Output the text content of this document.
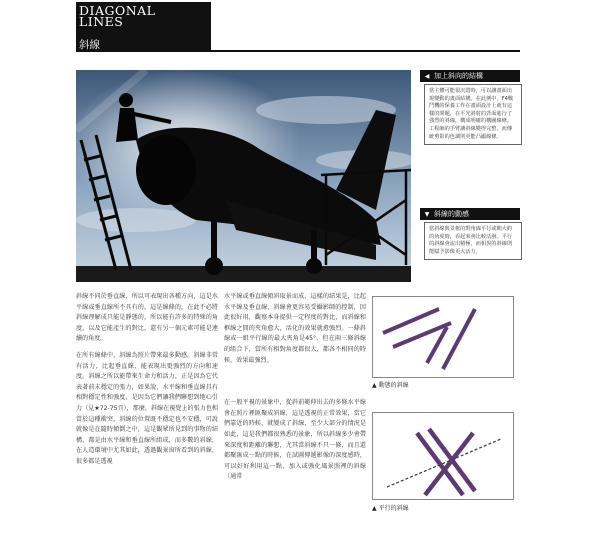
DIAGONAL
LINES
斜線
◀ 加上斜向的結構
當主體可能很沉悶時，可以讓畫面出現變動的畫面結構。在此例中，F4戰鬥機的保養工作在畫面設計上就有這樣的問題，在平光斜射的背面進行了強烈的斜線，構成明確的構圖線條。工程師的手臂讓斜線變得完整，而傳統剪影的色調則更能凸顯線條。
▼ 斜線的動感
當斜線與景框的對角線平行或朝大約的角度時，看起來會比較活潑。平行的斜線會流出積極，而相異的斜線則能賦予影像更大活力。

斜線不同於垂直線，所以可表現出各種方向，這是水平線或垂直線所不具有的。這是線條的，在此不必將斜線理解成只能是靜態的，所以能有許多的特殊的角度，以及它能產生的對比，還有另一個元素可能是連續的角度。

在所有線條中，斜線為照片帶來最多動感。斜線非常有活力，比起垂直線，能表現出更強烈的方向和速度。斜線之所以能帶來生命力和活力，正是因為它代表著前未穩定的張力，如果說，水平線和垂直線具有相對穩定性和強度，是因為它們讓我們聯想到地心引力（見★72-75頁），那麼，斜線在視覺上的張力也相當於這種衝突，斜線的位置既不穩定也不安穩，可說就像是在隨時傾倒之中，這是觀眾所見到的事物的結構，都是由水平線和垂直線所組成，而多數的斜線，在人造環境中尤其如此，透過觀景窗所看到的斜線，很多都是透視

水平線或垂直線傾斜取景而成，這樣的結果是，比起水平線及垂直線，斜線會更容易受攝影師的控制，因此很好用，觀察本身提供一定程度的對比，而斜線和框線之間的夾角愈大，活化的效果就愈強烈。一條斜線或一組平行線的最大夾角是45°，但在兩三條斜線的組合下，當所有相對角度都很大，都各不相同的時候，效果最強烈。

在一般平視的景象中，從斜前範伸出去的多條水平線會在照片裡匯聚成斜線，這是透視的正常效果，當它們靠近的時候，就變成了斜線，至少大部分的情況是如此，這是我們都很熟悉的景象，所以斜線多少會帶來深度和距離的聯想，尤其當斜線不只一條，而且還都聚匯成一點的時候，在試圖傳遞影像的深度感時，可以好好利用這一點，加入或強化風景照裡的斜線（通常

▲ 動態的斜線
▲ 平行的斜線
